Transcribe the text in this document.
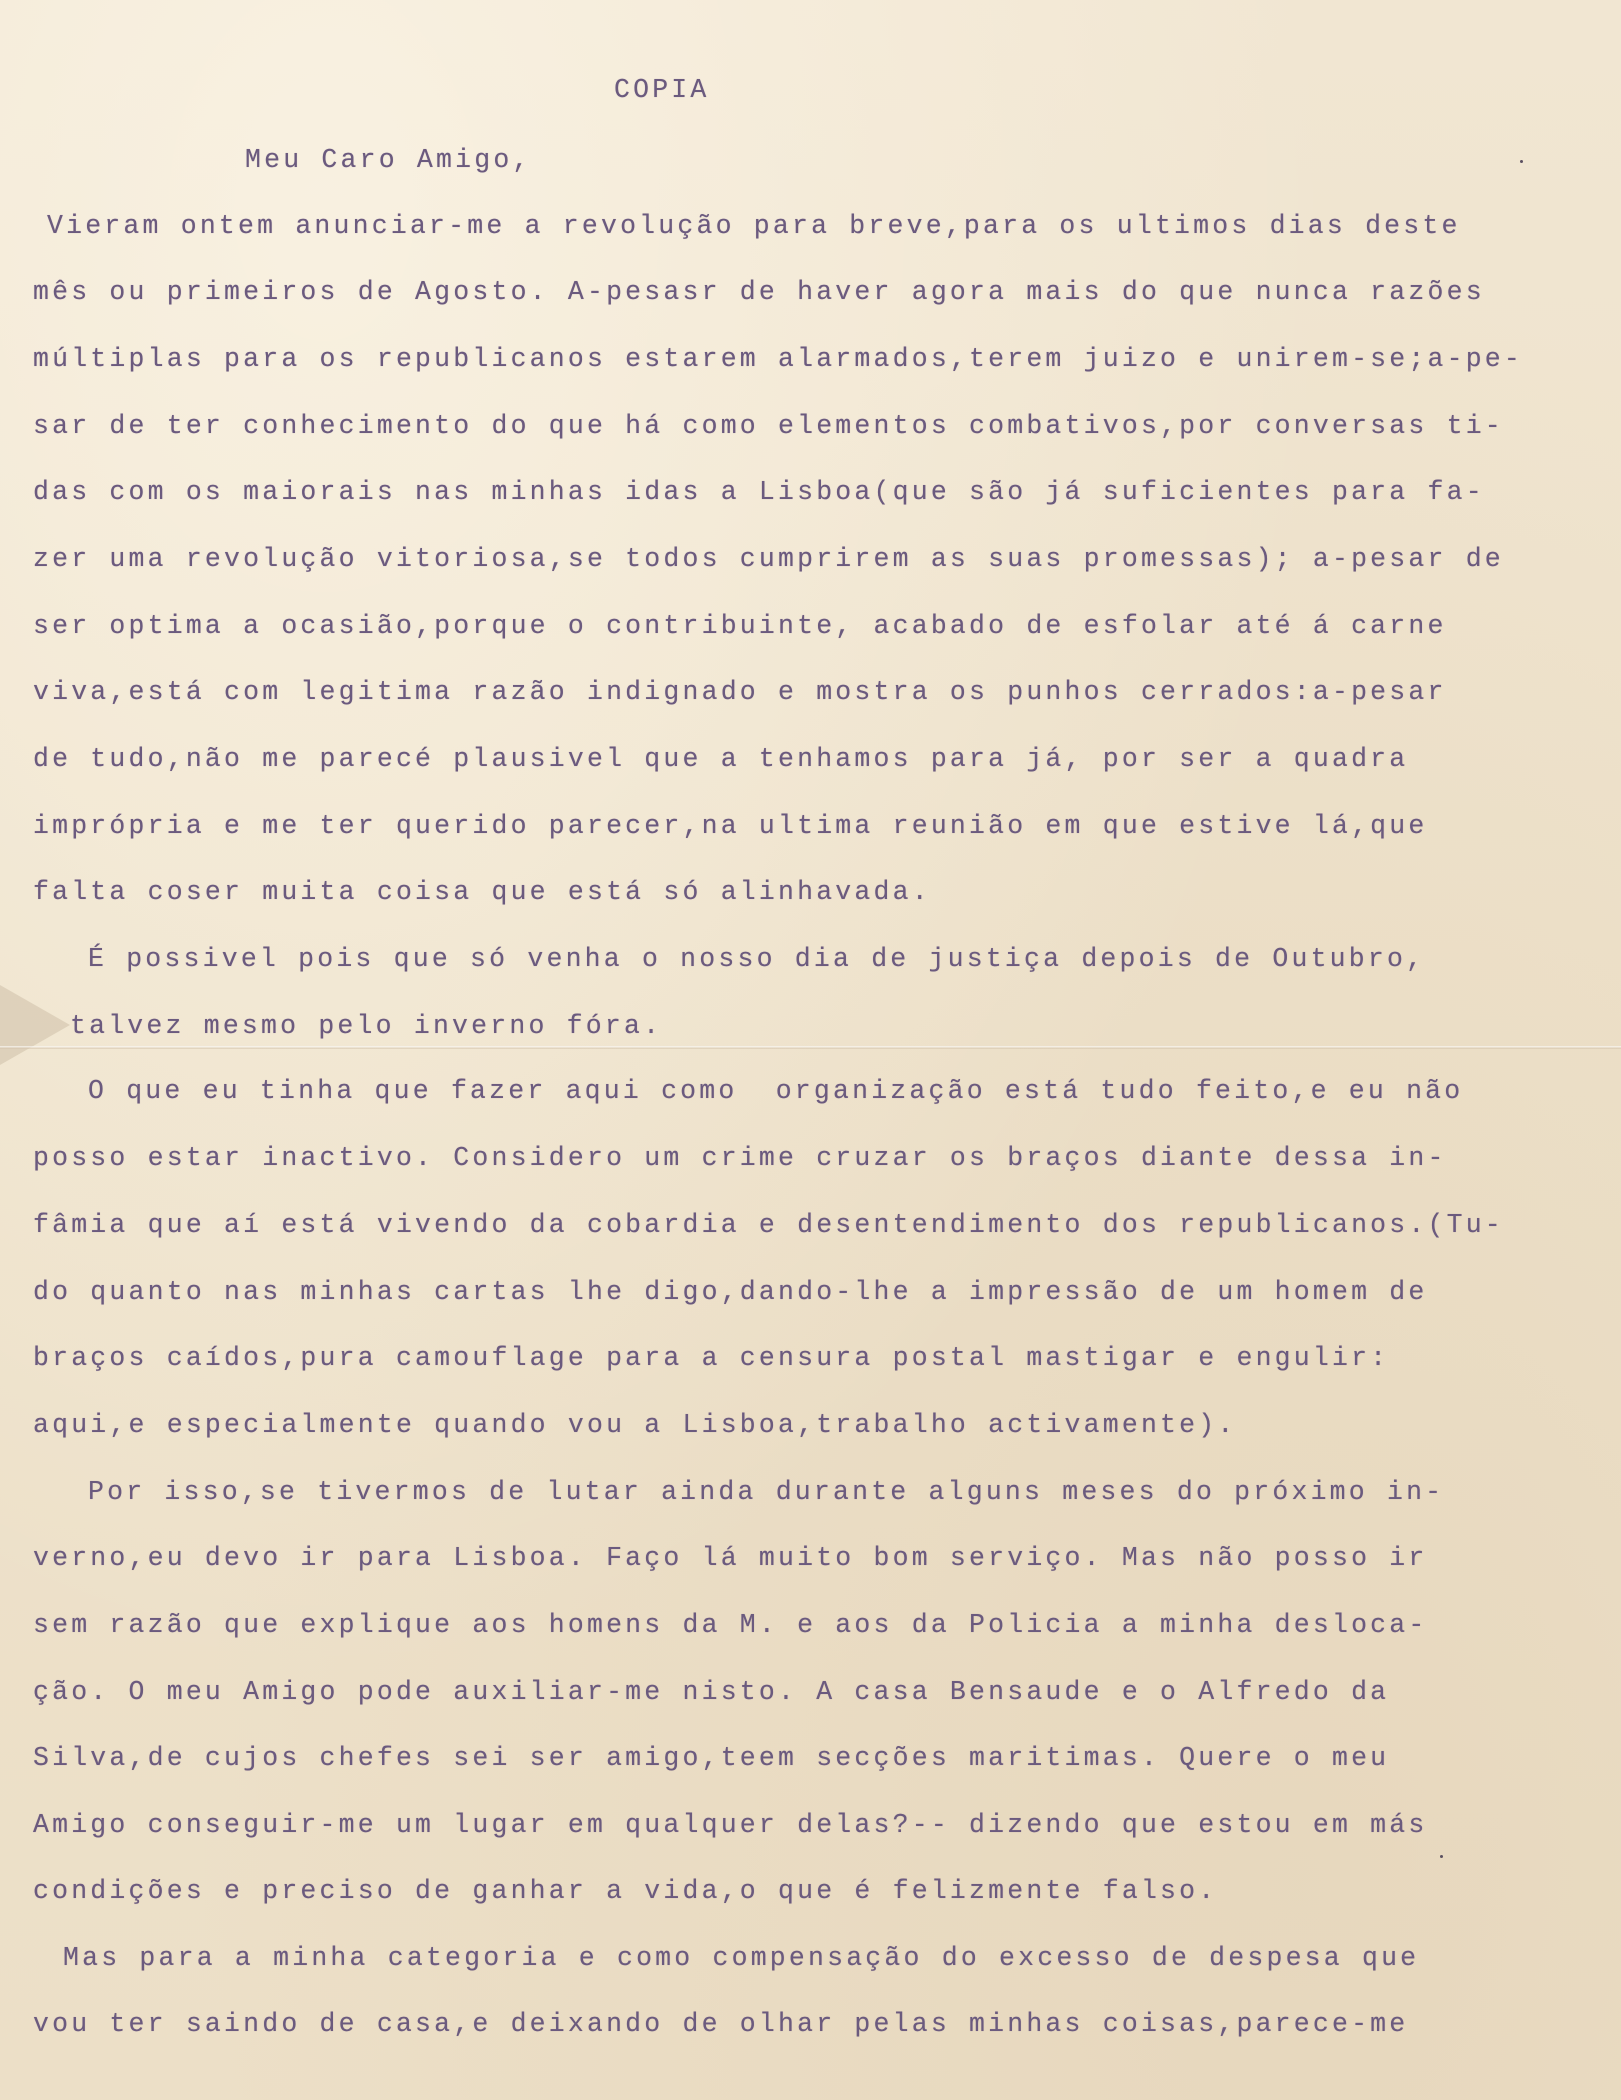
COPIA
Meu Caro Amigo,
Vieram ontem anunciar-me a revolução para breve,para os ultimos dias deste
mês ou primeiros de Agosto. A-pesasr de haver agora mais do que nunca razões
múltiplas para os republicanos estarem alarmados,terem juizo e unirem-se;a-pe-
sar de ter conhecimento do que há como elementos combativos,por conversas ti-
das com os maiorais nas minhas idas a Lisboa(que são já suficientes para fa-
zer uma revolução vitoriosa,se todos cumprirem as suas promessas); a-pesar de
ser optima a ocasião,porque o contribuinte, acabado de esfolar até á carne
viva,está com legitima razão indignado e mostra os punhos cerrados:a-pesar
de tudo,não me parecé plausivel que a tenhamos para já, por ser a quadra
imprópria e me ter querido parecer,na ultima reunião em que estive lá,que
falta coser muita coisa que está só alinhavada.
É possivel pois que só venha o nosso dia de justiça depois de Outubro,
talvez mesmo pelo inverno fóra.
O que eu tinha que fazer aqui como  organização está tudo feito,e eu não
posso estar inactivo. Considero um crime cruzar os braços diante dessa in-
fâmia que aí está vivendo da cobardia e desentendimento dos republicanos.(Tu-
do quanto nas minhas cartas lhe digo,dando-lhe a impressão de um homem de
braços caídos,pura camouflage para a censura postal mastigar e engulir:
aqui,e especialmente quando vou a Lisboa,trabalho activamente).
Por isso,se tivermos de lutar ainda durante alguns meses do próximo in-
verno,eu devo ir para Lisboa. Faço lá muito bom serviço. Mas não posso ir
sem razão que explique aos homens da M. e aos da Policia a minha desloca-
ção. O meu Amigo pode auxiliar-me nisto. A casa Bensaude e o Alfredo da
Silva,de cujos chefes sei ser amigo,teem secções maritimas. Quere o meu
Amigo conseguir-me um lugar em qualquer delas?-- dizendo que estou em más
condições e preciso de ganhar a vida,o que é felizmente falso.
Mas para a minha categoria e como compensação do excesso de despesa que
vou ter saindo de casa,e deixando de olhar pelas minhas coisas,parece-me
